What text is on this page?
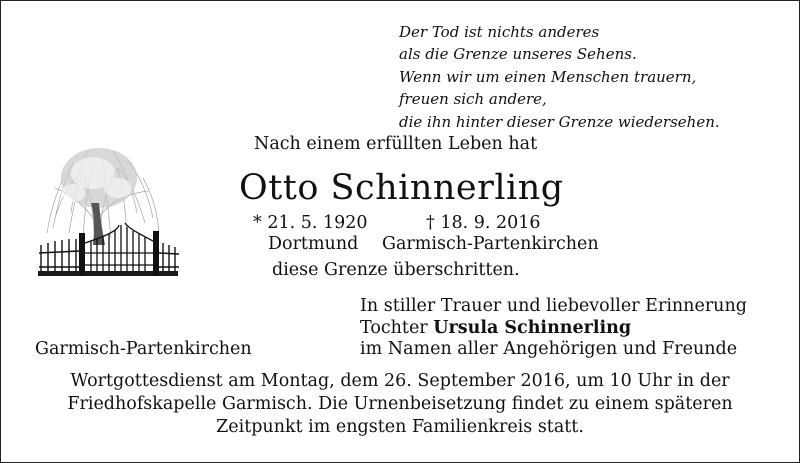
Der Tod ist nichts anderes
als die Grenze unseres Sehens.
Wenn wir um einen Menschen trauern,
freuen sich andere,
die ihn hinter dieser Grenze wiedersehen.
Nach einem erfüllten Leben hat
Otto Schinnerling
* 21. 5. 1920	† 18. 9. 2016
Dortmund Garmisch-Partenkirchen
diese Grenze überschritten.
In stiller Trauer und liebevoller Erinnerung
Tochter Ursula Schinnerling
im Namen aller Angehörigen und Freunde
Garmisch-Partenkirchen
Wortgottesdienst am Montag, dem 26. September 2016, um 10 Uhr in der
Friedhofskapelle Garmisch. Die Urnenbeisetzung findet zu einem späteren
Zeitpunkt im engsten Familienkreis statt.
